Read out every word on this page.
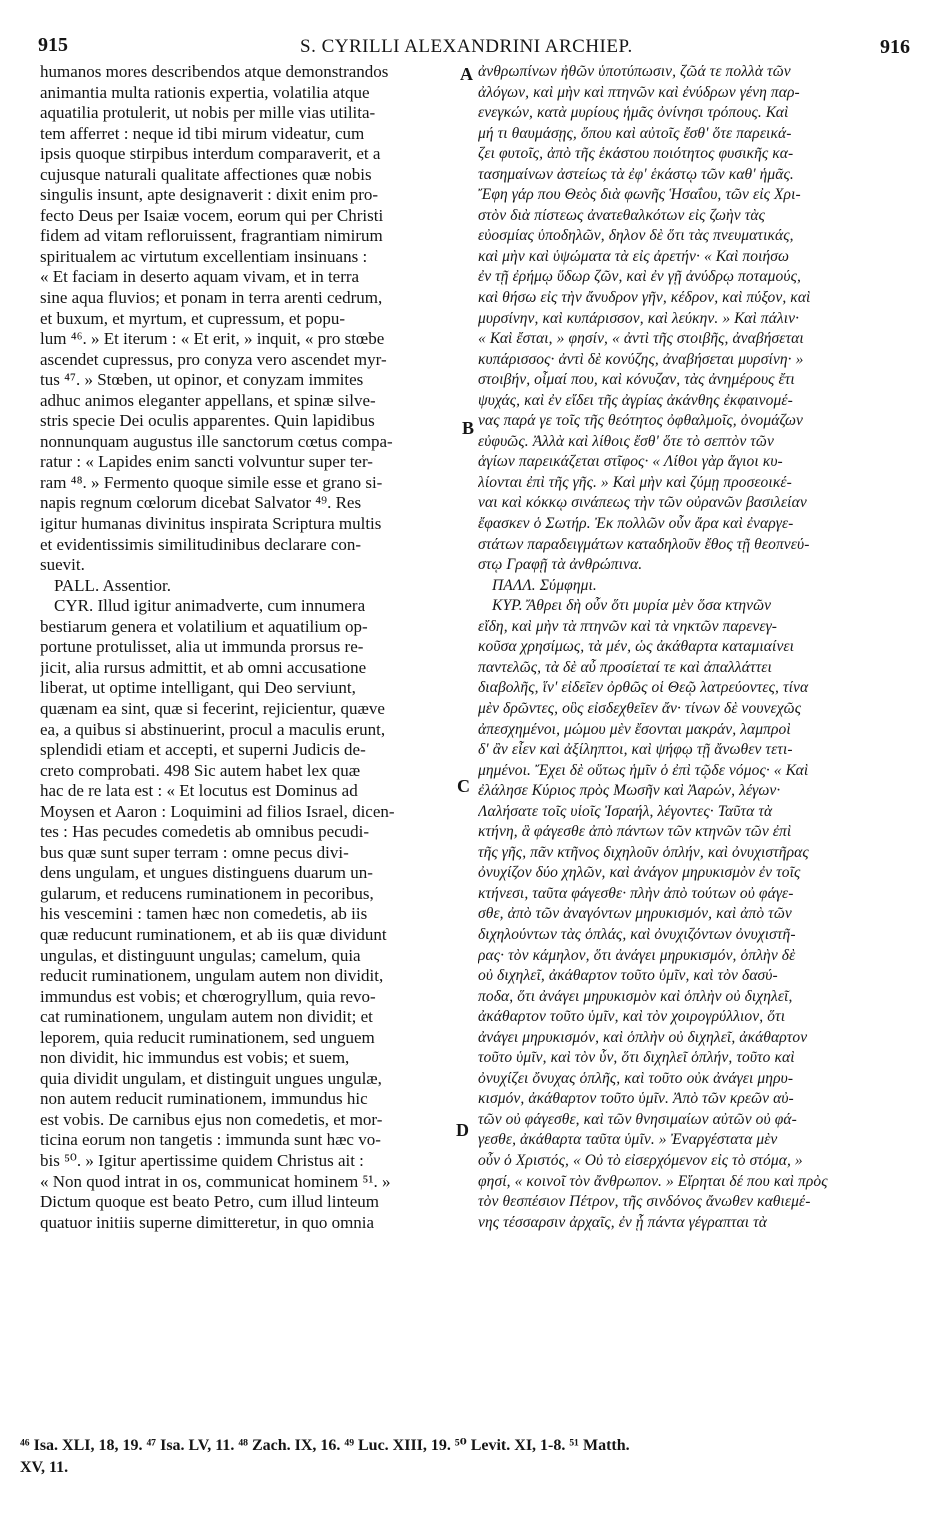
915	S. CYRILLI ALEXANDRINI ARCHIEP.	916
humanos mores describendos atque demonstrandos
animantia multa rationis expertia, volatilia atque
aquatilia protulerit, ut nobis per mille vias utilita-
tem afferret : neque id tibi mirum videatur, cum
ipsis quoque stirpibus interdum comparaverit, et a
cujusque naturali qualitate affectiones quæ nobis
singulis insunt, apte designaverit : dixit enim pro-
fecto Deus per Isaiæ vocem, eorum qui per Christi
fidem ad vitam refloruissent, fragrantiam nimirum
spiritualem ac virtutum excellentiam insinuans :
« Et faciam in deserto aquam vivam, et in terra
sine aqua fluvios; et ponam in terra arenti cedrum,
et buxum, et myrtum, et cupressum, et popu-
lum ⁴⁶. » Et iterum : « Et erit, » inquit, « pro stœbe
ascendet cupressus, pro conyza vero ascendet myr-
tus ⁴⁷. » Stœben, ut opinor, et conyzam immites
adhuc animos eleganter appellans, et spinæ silve-
stris specie Dei oculis apparentes. Quin lapidibus
nonnunquam augustus ille sanctorum cœtus compa-
ratur : « Lapides enim sancti volvuntur super ter-
ram ⁴⁸. » Fermento quoque simile esse et grano si-
napis regnum cœlorum dicebat Salvator ⁴⁹. Res
igitur humanas divinitus inspirata Scriptura multis
et evidentissimis similitudinibus declarare con-
suevit.
PALL. Assentior.
CYR. Illud igitur animadverte, cum innumera
bestiarum genera et volatilium et aquatilium op-
portune protulisset, alia ut immunda prorsus re-
jicit, alia rursus admittit, et ab omni accusatione
liberat, ut optime intelligant, qui Deo serviunt,
quænam ea sint, quæ si fecerint, rejicientur, quæve
ea, a quibus si abstinuerint, procul a maculis erunt,
splendidi etiam et accepti, et superni Judicis de-
creto comprobati. 498 Sic autem habet lex quæ
hac de re lata est : « Et locutus est Dominus ad
Moysen et Aaron : Loquimini ad filios Israel, dicen-
tes : Has pecudes comedetis ab omnibus pecudi-
bus quæ sunt super terram : omne pecus divi-
dens ungulam, et ungues distinguens duarum un-
gularum, et reducens ruminationem in pecoribus,
his vescemini : tamen hæc non comedetis, ab iis
quæ reducunt ruminationem, et ab iis quæ dividunt
ungulas, et distinguunt ungulas; camelum, quia
reducit ruminationem, ungulam autem non dividit,
immundus est vobis; et chœrogryllum, quia revo-
cat ruminationem, ungulam autem non dividit; et
leporem, quia reducit ruminationem, sed unguem
non dividit, hic immundus est vobis; et suem,
quia dividit ungulam, et distinguit ungues ungulæ,
non autem reducit ruminationem, immundus hic
est vobis. De carnibus ejus non comedetis, et mor-
ticina eorum non tangetis : immunda sunt hæc vo-
bis ⁵⁰. » Igitur apertissime quidem Christus ait :
« Non quod intrat in os, communicat hominem ⁵¹. »
Dictum quoque est beato Petro, cum illud linteum
quatuor initiis superne dimitteretur, in quo omnia
ἀνθρωπίνων ἠθῶν ὑποτύπωσιν, ζῶά τε πολλὰ τῶν
ἀλόγων, καὶ μὴν καὶ πτηνῶν καὶ ἐνύδρων γένη παρ-
ενεγκών, κατὰ μυρίους ἡμᾶς ὀνίνησι τρόπους. Καὶ
μή τι θαυμάσῃς, ὅπου καὶ αὐτοῖς ἔσθ' ὅτε παρεικά-
ζει φυτοῖς, ἀπὸ τῆς ἑκάστου ποιότητος φυσικῆς κα-
τασημαίνων ἀστείως τὰ ἐφ' ἑκάστῳ τῶν καθ' ἡμᾶς.
Ἔφη γάρ που Θεὸς διὰ φωνῆς Ἡσαΐου, τῶν εἰς Χρι-
στὸν διὰ πίστεως ἀνατεθαλκότων εἰς ζωὴν τὰς
εὐοσμίας ὑποδηλῶν, δηλον δὲ ὅτι τὰς πνευματικάς,
καὶ μὴν καὶ ὑψώματα τὰ εἰς ἀρετήν· « Καὶ ποιήσω
ἐν τῇ ἐρήμῳ ὕδωρ ζῶν, καὶ ἐν γῇ ἀνύδρῳ ποταμούς,
καὶ θήσω εἰς τὴν ἄνυδρον γῆν, κέδρον, καὶ πύξον, καὶ
μυρσίνην, καὶ κυπάρισσον, καὶ λεύκην. » Καὶ πάλιν·
« Καὶ ἔσται, » φησίν, « ἀντὶ τῆς στοιβῆς, ἀναβήσεται
κυπάρισσος· ἀντὶ δὲ κονύζης, ἀναβήσεται μυρσίνη· »
στοιβήν, οἶμαί που, καὶ κόνυζαν, τὰς ἀνημέρους ἔτι
ψυχάς, καὶ ἐν εἴδει τῆς ἀγρίας ἀκάνθης ἐκφαινομέ-
νας παρά γε τοῖς τῆς θεότητος ὀφθαλμοῖς, ὀνομάζων
εὐφυῶς. Ἀλλὰ καὶ λίθοις ἔσθ' ὅτε τὸ σεπτὸν τῶν
ἁγίων παρεικάζεται στῖφος· « Λίθοι γὰρ ἅγιοι κυ-
λίονται ἐπὶ τῆς γῆς. » Καὶ μὴν καὶ ζύμῃ προσεοικέ-
ναι καὶ κόκκῳ σινάπεως τὴν τῶν οὐρανῶν βασιλείαν
ἔφασκεν ὁ Σωτήρ. Ἐκ πολλῶν οὖν ἄρα καὶ ἐναργε-
στάτων παραδειγμάτων καταδηλοῦν ἔθος τῇ θεοπνεύ-
στῳ Γραφῇ τὰ ἀνθρώπινα.
ΠΑΛΛ. Σύμφημι.
ΚΥΡ. Ἄθρει δὴ οὖν ὅτι μυρία μὲν ὅσα κτηνῶν
εἴδη, καὶ μὴν τὰ πτηνῶν καὶ τὰ νηκτῶν παρενεγ-
κοῦσα χρησίμως, τὰ μέν, ὡς ἀκάθαρτα καταμιαίνει
παντελῶς, τὰ δὲ αὖ προσίεταί τε καὶ ἀπαλλάττει
διαβολῆς, ἵν' εἰδεῖεν ὀρθῶς οἱ Θεῷ λατρεύοντες, τίνα
μὲν δρῶντες, οὓς εἰσδεχθεῖεν ἄν· τίνων δὲ νουνεχῶς
ἀπεσχημένοι, μώμου μὲν ἔσονται μακράν, λαμπροὶ
δ' ἂν εἶεν καὶ ἀξίληπτοι, καὶ ψήφῳ τῇ ἄνωθεν τετι-
μημένοι. Ἔχει δὲ οὕτως ἡμῖν ὁ ἐπὶ τῷδε νόμος· « Καὶ
ἐλάλησε Κύριος πρὸς Μωσῆν καὶ Ἀαρών, λέγων·
Λαλήσατε τοῖς υἱοῖς Ἰσραήλ, λέγοντες· Ταῦτα τὰ
κτήνη, ἃ φάγεσθε ἀπὸ πάντων τῶν κτηνῶν τῶν ἐπὶ
τῆς γῆς, πᾶν κτῆνος διχηλοῦν ὁπλήν, καὶ ὀνυχιστῆρας
ὀνυχίζον δύο χηλῶν, καὶ ἀνάγον μηρυκισμὸν ἐν τοῖς
κτήνεσι, ταῦτα φάγεσθε· πλὴν ἀπὸ τούτων οὐ φάγε-
σθε, ἀπὸ τῶν ἀναγόντων μηρυκισμόν, καὶ ἀπὸ τῶν
διχηλούντων τὰς ὁπλάς, καὶ ὀνυχιζόντων ὀνυχιστῆ-
ρας· τὸν κάμηλον, ὅτι ἀνάγει μηρυκισμόν, ὁπλὴν δὲ
οὐ διχηλεῖ, ἀκάθαρτον τοῦτο ὑμῖν, καὶ τὸν δασύ-
ποδα, ὅτι ἀνάγει μηρυκισμὸν καὶ ὁπλὴν οὐ διχηλεῖ,
ἀκάθαρτον τοῦτο ὑμῖν, καὶ τὸν χοιρογρύλλιον, ὅτι
ἀνάγει μηρυκισμόν, καὶ ὁπλὴν οὐ διχηλεῖ, ἀκάθαρτον
τοῦτο ὑμῖν, καὶ τὸν ὗν, ὅτι διχηλεῖ ὁπλήν, τοῦτο καὶ
ὀνυχίζει ὄνυχας ὁπλῆς, καὶ τοῦτο οὐκ ἀνάγει μηρυ-
κισμόν, ἀκάθαρτον τοῦτο ὑμῖν. Ἀπὸ τῶν κρεῶν αὐ-
τῶν οὐ φάγεσθε, καὶ τῶν θνησιμαίων αὐτῶν οὐ φά-
γεσθε, ἀκάθαρτα ταῦτα ὑμῖν. » Ἐναργέστατα μὲν
οὖν ὁ Χριστός, « Οὐ τὸ εἰσερχόμενον εἰς τὸ στόμα, »
φησί, « κοινοῖ τὸν ἄνθρωπον. » Εἴρηται δέ που καὶ πρὸς
τὸν θεσπέσιον Πέτρον, τῆς σινδόνος ἄνωθεν καθιεμέ-
νης τέσσαρσιν ἀρχαῖς, ἐν ᾗ πάντα γέγραπται τὰ
A
B
C
D
⁴⁶ Isa. XLI, 18, 19. ⁴⁷ Isa. LV, 11. ⁴⁸ Zach. IX, 16. ⁴⁹ Luc. XIII, 19. ⁵⁰ Levit. XI, 1-8. ⁵¹ Matth.
XV, 11.
